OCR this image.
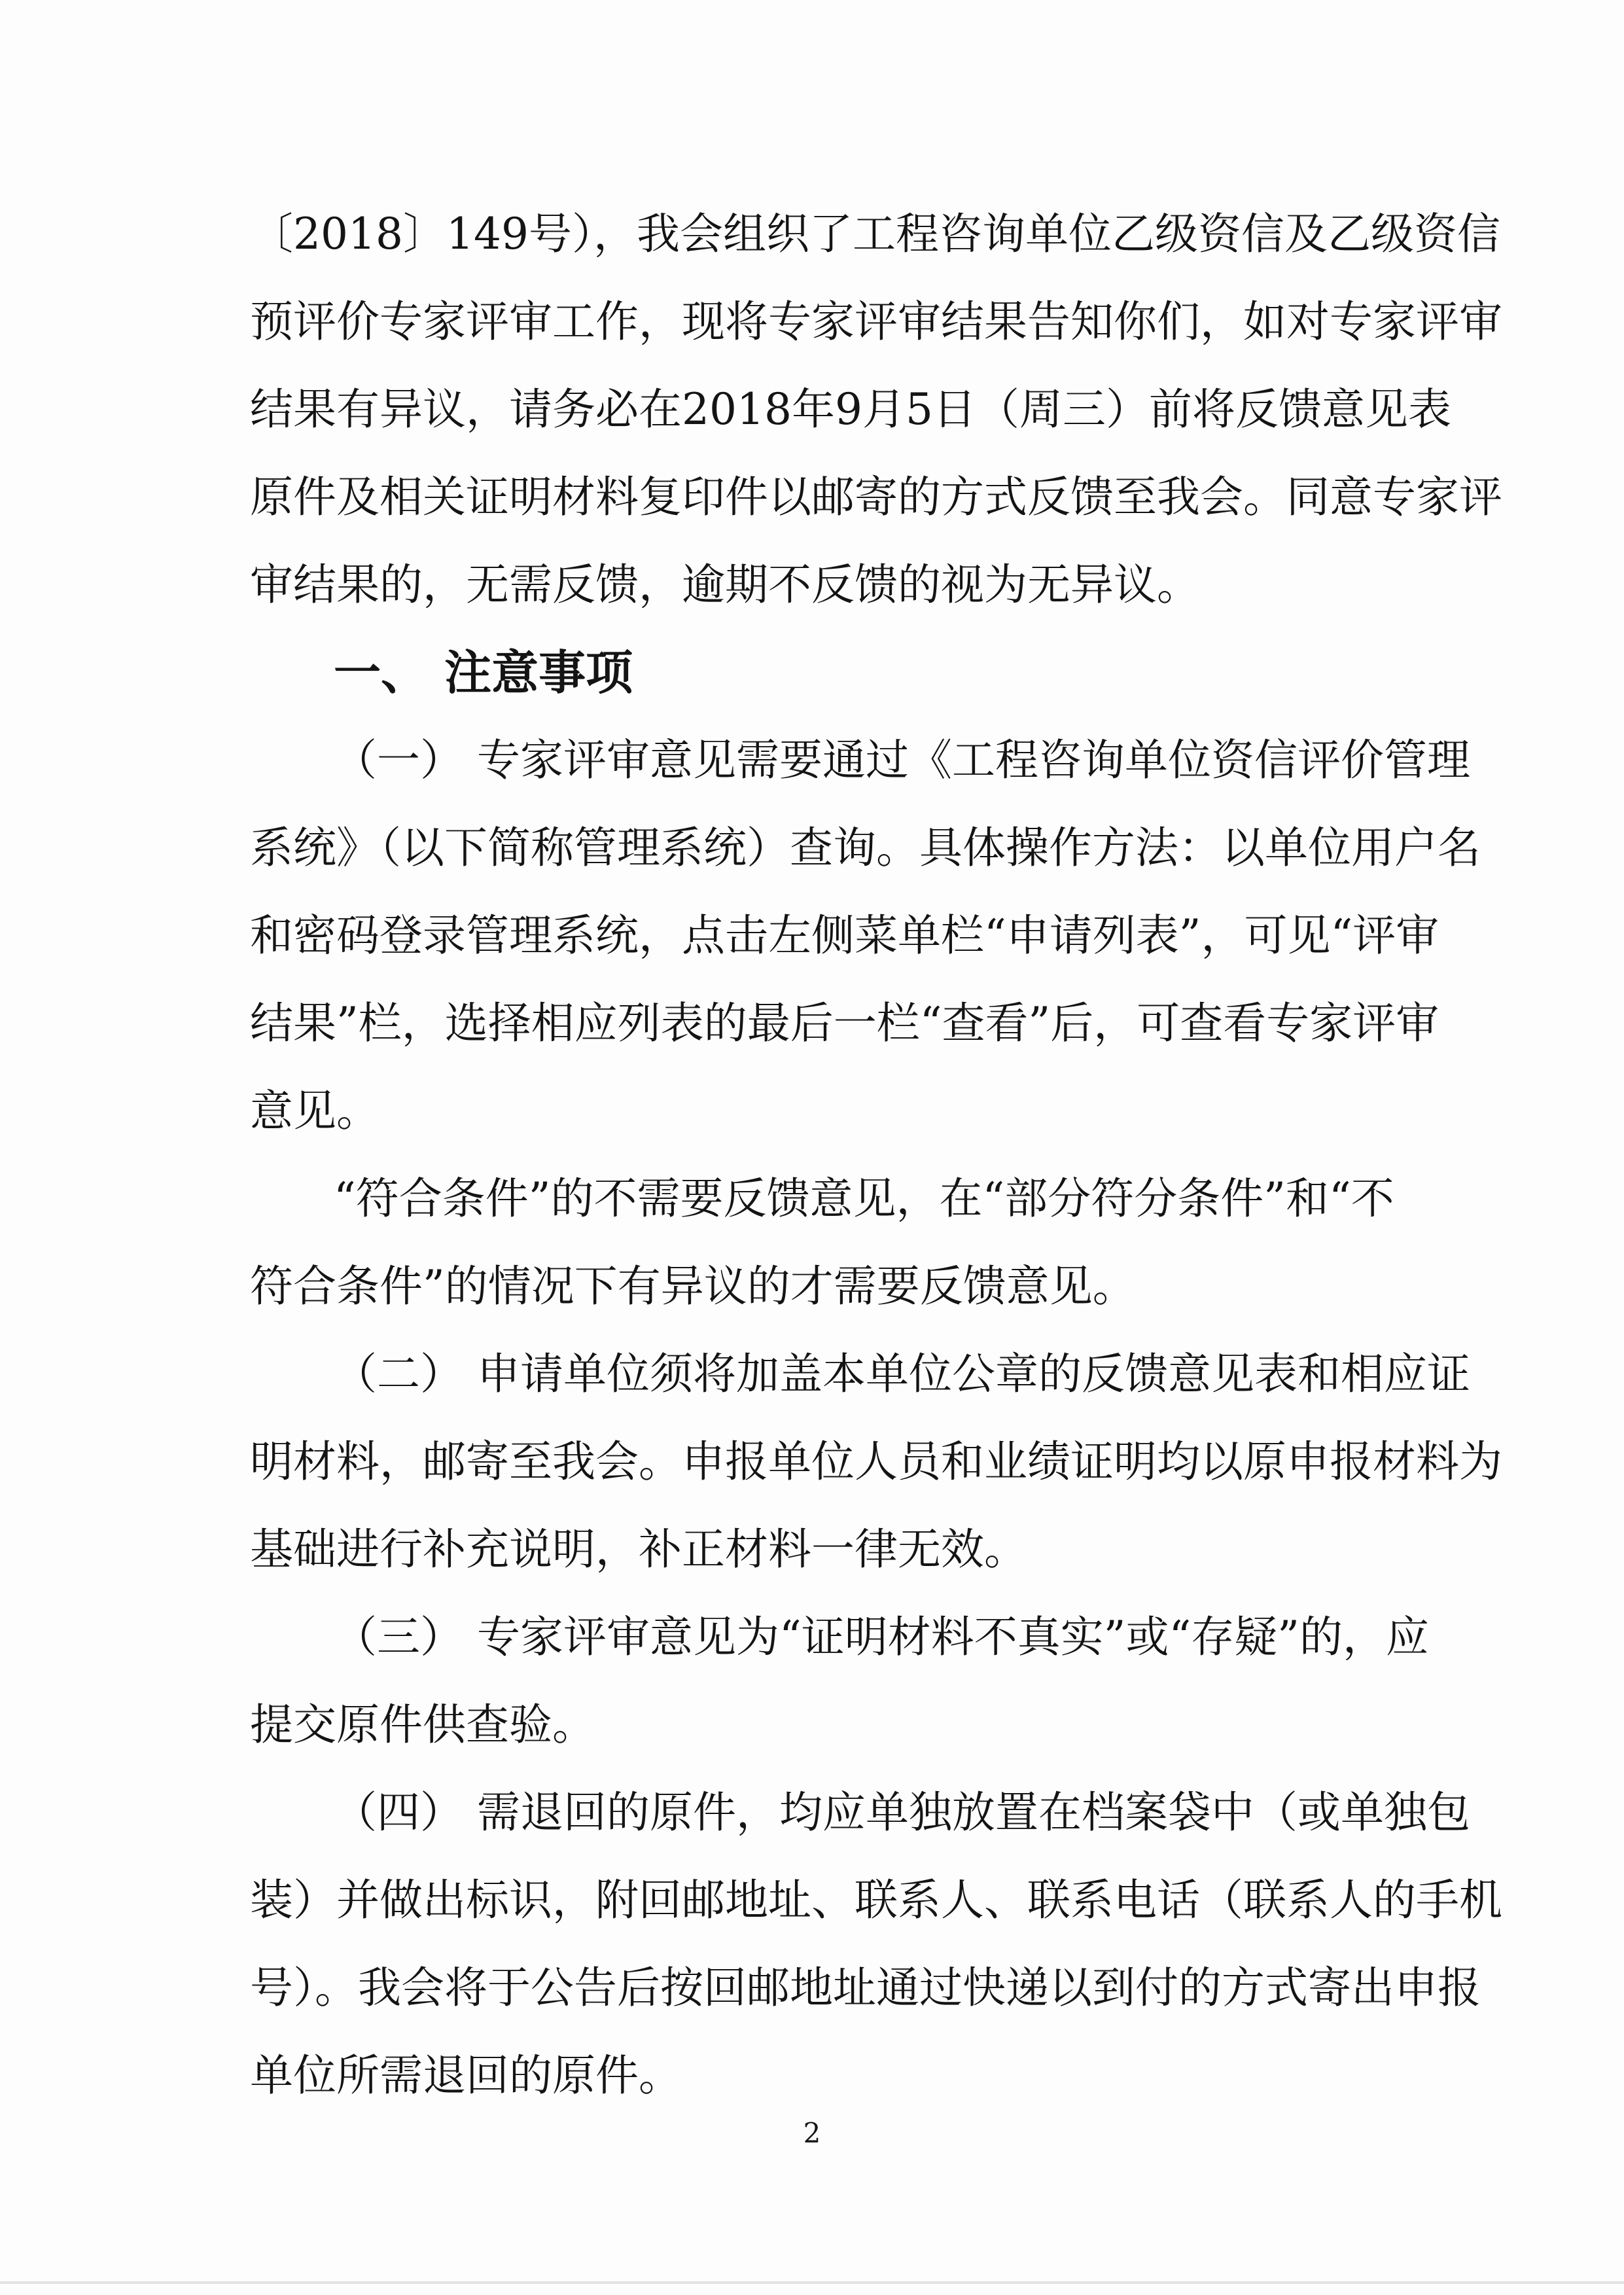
〔2018〕149号），我会组织了工程咨询单位乙级资信及乙级资信
预评价专家评审工作，现将专家评审结果告知你们，如对专家评审
结果有异议，请务必在2018年9月5日（周三）前将反馈意见表
原件及相关证明材料复印件以邮寄的方式反馈至我会。同意专家评
审结果的，无需反馈，逾期不反馈的视为无异议。
一、 注意事项
（一） 专家评审意见需要通过《工程咨询单位资信评价管理
系统》（以下简称管理系统）查询。具体操作方法：以单位用户名
和密码登录管理系统，点击左侧菜单栏“申请列表”，可见“评审
结果”栏，选择相应列表的最后一栏“查看”后，可查看专家评审
意见。
“符合条件”的不需要反馈意见，在“部分符分条件”和“不
符合条件”的情况下有异议的才需要反馈意见。
（二） 申请单位须将加盖本单位公章的反馈意见表和相应证
明材料，邮寄至我会。申报单位人员和业绩证明均以原申报材料为
基础进行补充说明，补正材料一律无效。
（三） 专家评审意见为“证明材料不真实”或“存疑”的，应
提交原件供查验。
（四） 需退回的原件，均应单独放置在档案袋中（或单独包
装）并做出标识，附回邮地址、联系人、联系电话（联系人的手机
号）。我会将于公告后按回邮地址通过快递以到付的方式寄出申报
单位所需退回的原件。
2
